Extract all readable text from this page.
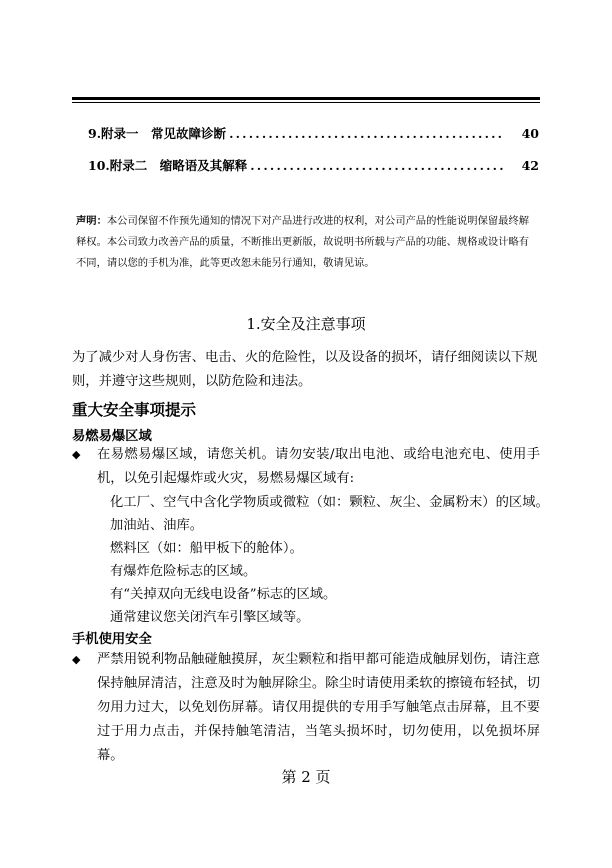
9.附录一　常见故障诊断 ..........................................	40
10.附录二　缩略语及其解释 .......................................	42
声明：本公司保留不作预先通知的情况下对产品进行改进的权利，对公司产品的性能说明保留最终解释权。本公司致力改善产品的质量，不断推出更新版，故说明书所载与产品的功能、规格或设计略有不同，请以您的手机为准，此等更改恕未能另行通知，敬请见谅。
1.安全及注意事项
为了减少对人身伤害、电击、火的危险性，以及设备的损坏，请仔细阅读以下规则，并遵守这些规则，以防危险和违法。
重大安全事项提示
易燃易爆区域
◆ 在易燃易爆区域，请您关机。请勿安装/取出电池、或给电池充电、使用手机，以免引起爆炸或火灾，易燃易爆区域有:
化工厂、空气中含化学物质或微粒（如：颗粒、灰尘、金属粉末）的区域。
加油站、油库。
燃料区（如：船甲板下的舱体）。
有爆炸危险标志的区域。
有“关掉双向无线电设备”标志的区域。
通常建议您关闭汽车引擎区域等。
手机使用安全
◆ 严禁用锐利物品触碰触摸屏，灰尘颗粒和指甲都可能造成触屏划伤，请注意保持触屏清洁，注意及时为触屏除尘。除尘时请使用柔软的擦镜布轻拭，切勿用力过大，以免划伤屏幕。请仅用提供的专用手写触笔点击屏幕，且不要过于用力点击，并保持触笔清洁，当笔头损坏时，切勿使用，以免损坏屏幕。
第 2 页
